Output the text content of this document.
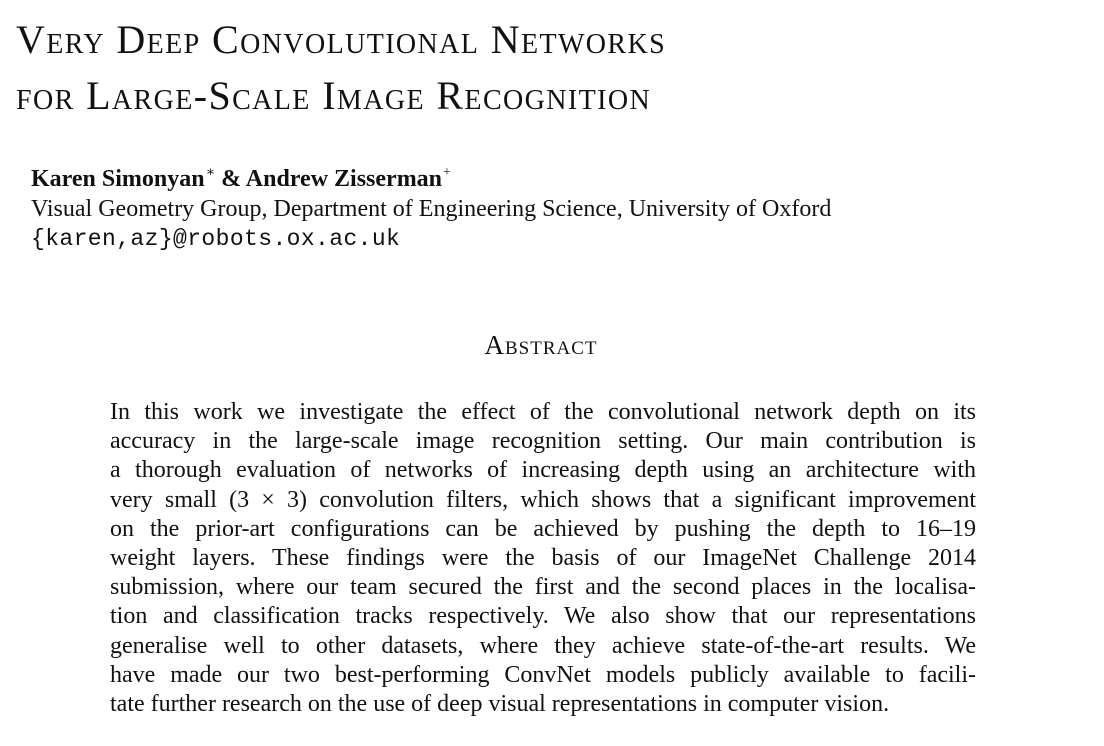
Very Deep Convolutional Networks
for Large-Scale Image Recognition
Karen Simonyan∗ & Andrew Zisserman+
Visual Geometry Group, Department of Engineering Science, University of Oxford
{karen,az}@robots.ox.ac.uk
Abstract
In this work we investigate the effect of the convolutional network depth on its
accuracy in the large-scale image recognition setting. Our main contribution is
a thorough evaluation of networks of increasing depth using an architecture with
very small (3 × 3) convolution filters, which shows that a significant improvement
on the prior-art configurations can be achieved by pushing the depth to 16–19
weight layers. These findings were the basis of our ImageNet Challenge 2014
submission, where our team secured the first and the second places in the localisa-
tion and classification tracks respectively. We also show that our representations
generalise well to other datasets, where they achieve state-of-the-art results. We
have made our two best-performing ConvNet models publicly available to facili-
tate further research on the use of deep visual representations in computer vision.
